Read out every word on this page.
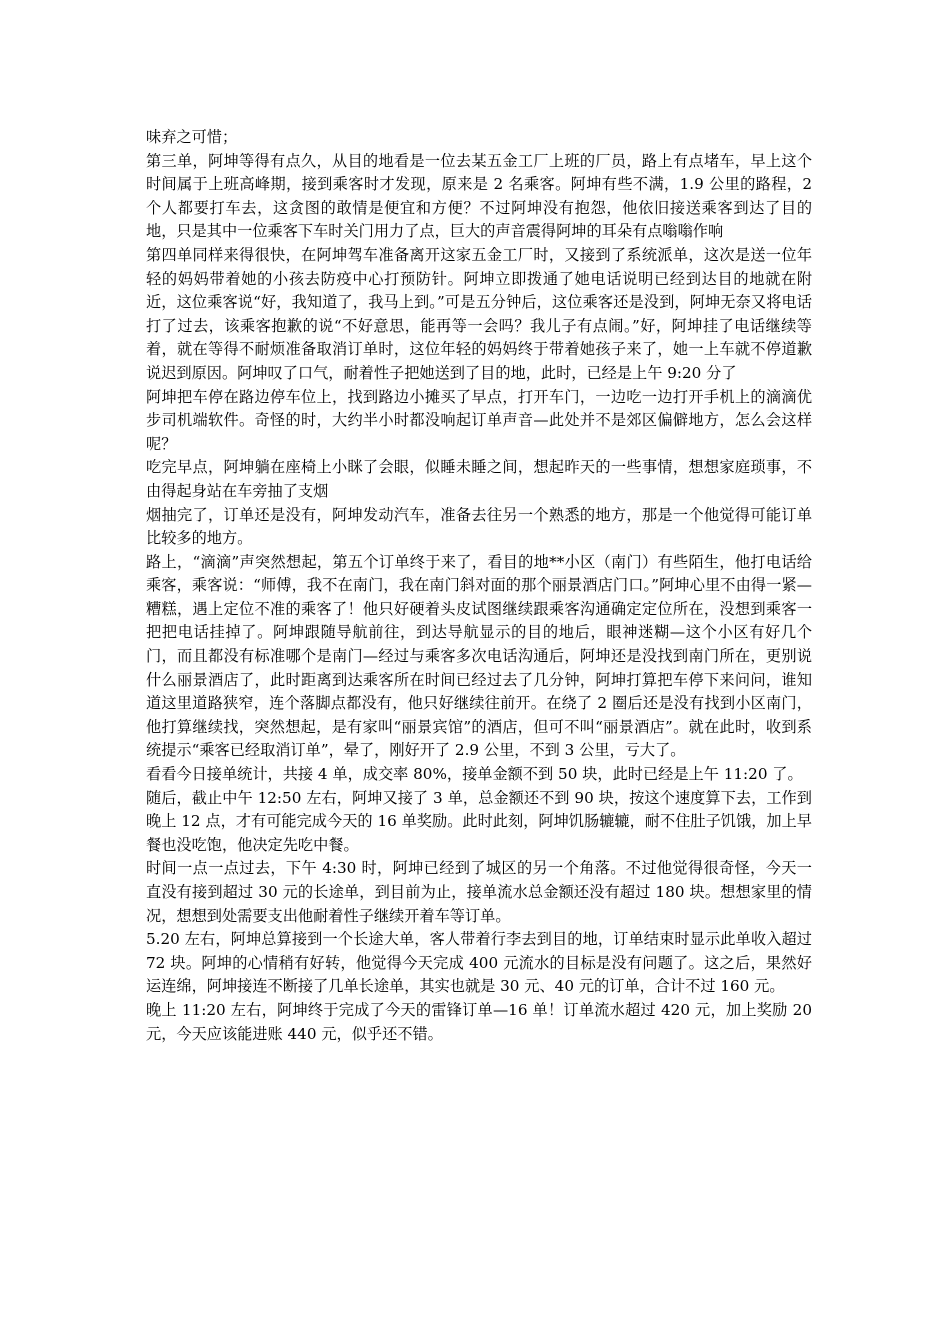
味弃之可惜；

第三单，阿坤等得有点久，从目的地看是一位去某五金工厂上班的厂员，路上有点堵车，早上这个时间属于上班高峰期，接到乘客时才发现，原来是 2 名乘客。阿坤有些不满，1.9 公里的路程，2 个人都要打车去，这贪图的敢情是便宜和方便？不过阿坤没有抱怨，他依旧接送乘客到达了目的地，只是其中一位乘客下车时关门用力了点，巨大的声音震得阿坤的耳朵有点嗡嗡作响

第四单同样来得很快，在阿坤驾车准备离开这家五金工厂时，又接到了系统派单，这次是送一位年轻的妈妈带着她的小孩去防疫中心打预防针。阿坤立即拨通了她电话说明已经到达目的地就在附近，这位乘客说“好，我知道了，我马上到。”可是五分钟后，这位乘客还是没到，阿坤无奈又将电话打了过去，该乘客抱歉的说“不好意思，能再等一会吗？我儿子有点闹。”好，阿坤挂了电话继续等着，就在等得不耐烦准备取消订单时，这位年轻的妈妈终于带着她孩子来了，她一上车就不停道歉说迟到原因。阿坤叹了口气，耐着性子把她送到了目的地，此时，已经是上午 9:20 分了

阿坤把车停在路边停车位上，找到路边小摊买了早点，打开车门，一边吃一边打开手机上的滴滴优步司机端软件。奇怪的时，大约半小时都没响起订单声音—此处并不是郊区偏僻地方，怎么会这样呢？

吃完早点，阿坤躺在座椅上小眯了会眼，似睡未睡之间，想起昨天的一些事情，想想家庭琐事，不由得起身站在车旁抽了支烟

烟抽完了，订单还是没有，阿坤发动汽车，准备去往另一个熟悉的地方，那是一个他觉得可能订单比较多的地方。

路上，“滴滴”声突然想起，第五个订单终于来了，看目的地**小区（南门）有些陌生，他打电话给乘客，乘客说：“师傅，我不在南门，我在南门斜对面的那个丽景酒店门口。”阿坤心里不由得一紧—糟糕，遇上定位不准的乘客了！他只好硬着头皮试图继续跟乘客沟通确定定位所在，没想到乘客一把把电话挂掉了。阿坤跟随导航前往，到达导航显示的目的地后，眼神迷糊—这个小区有好几个门，而且都没有标准哪个是南门—经过与乘客多次电话沟通后，阿坤还是没找到南门所在，更别说什么丽景酒店了，此时距离到达乘客所在时间已经过去了几分钟，阿坤打算把车停下来问问，谁知道这里道路狭窄，连个落脚点都没有，他只好继续往前开。在绕了 2 圈后还是没有找到小区南门，他打算继续找，突然想起，是有家叫“丽景宾馆”的酒店，但可不叫“丽景酒店”。就在此时，收到系统提示“乘客已经取消订单”，晕了，刚好开了 2.9 公里，不到 3 公里，亏大了。

看看今日接单统计，共接 4 单，成交率 80%，接单金额不到 50 块，此时已经是上午 11:20 了。

随后，截止中午 12:50 左右，阿坤又接了 3 单，总金额还不到 90 块，按这个速度算下去，工作到晚上 12 点，才有可能完成今天的 16 单奖励。此时此刻，阿坤饥肠辘辘，耐不住肚子饥饿，加上早餐也没吃饱，他决定先吃中餐。

时间一点一点过去，下午 4:30 时，阿坤已经到了城区的另一个角落。不过他觉得很奇怪，今天一直没有接到超过 30 元的长途单，到目前为止，接单流水总金额还没有超过 180 块。想想家里的情况，想想到处需要支出他耐着性子继续开着车等订单。

5.20 左右，阿坤总算接到一个长途大单，客人带着行李去到目的地，订单结束时显示此单收入超过 72 块。阿坤的心情稍有好转，他觉得今天完成 400 元流水的目标是没有问题了。这之后，果然好运连绵，阿坤接连不断接了几单长途单，其实也就是 30 元、40 元的订单，合计不过 160 元。

晚上 11:20 左右，阿坤终于完成了今天的雷锋订单—16 单！订单流水超过 420 元，加上奖励 20 元，今天应该能进账 440 元，似乎还不错。
